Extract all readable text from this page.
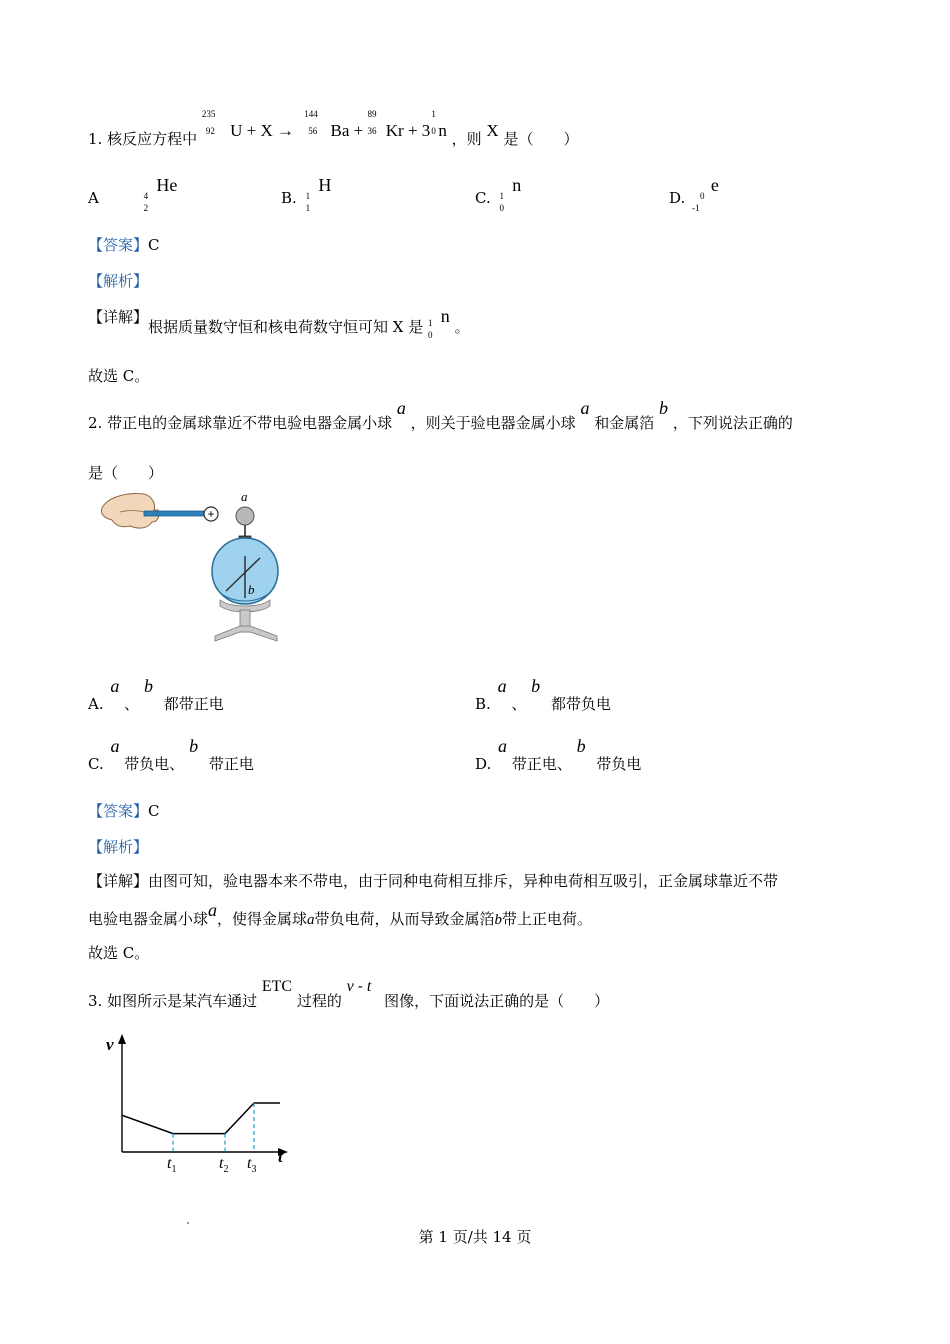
1. 核反应方程中
235
92 U + X →
144
56 Ba +
89
36 Kr + 3
1
0 n ，则 X 是（　　）
A	4
2
He
B. 1
1
H
C. 1
0
n
D. 0
-1
e
【答案】C
【解析】
【详解】根据质量数守恒和核电荷数守恒可知 X 是 1
0
n 。
故选 C。
2. 带正电的金属球靠近不带电验电器金属小球 a ，则关于验电器金属小球 a 和金属箔 b ，下列说法正确的
是（　　）
+
a
b
A. a 、 b 都带正电	B. a 、 b 都带负电
C. a 带负电、 b 带正电	D. a 带正电、 b 带负电
【答案】C
【解析】
【详解】由图可知，验电器本来不带电，由于同种电荷相互排斥，异种电荷相互吸引，正金属球靠近不带
电验电器金属小球a，使得金属球a带负电荷，从而导致金属箔b带上正电荷。
故选 C。
3. 如图所示是某汽车通过 ETC 过程的 v - t 图像，下面说法正确的是（　　）
v
t
$t_1$	$t_2$ $t_3$
第 1 页/共 14 页
